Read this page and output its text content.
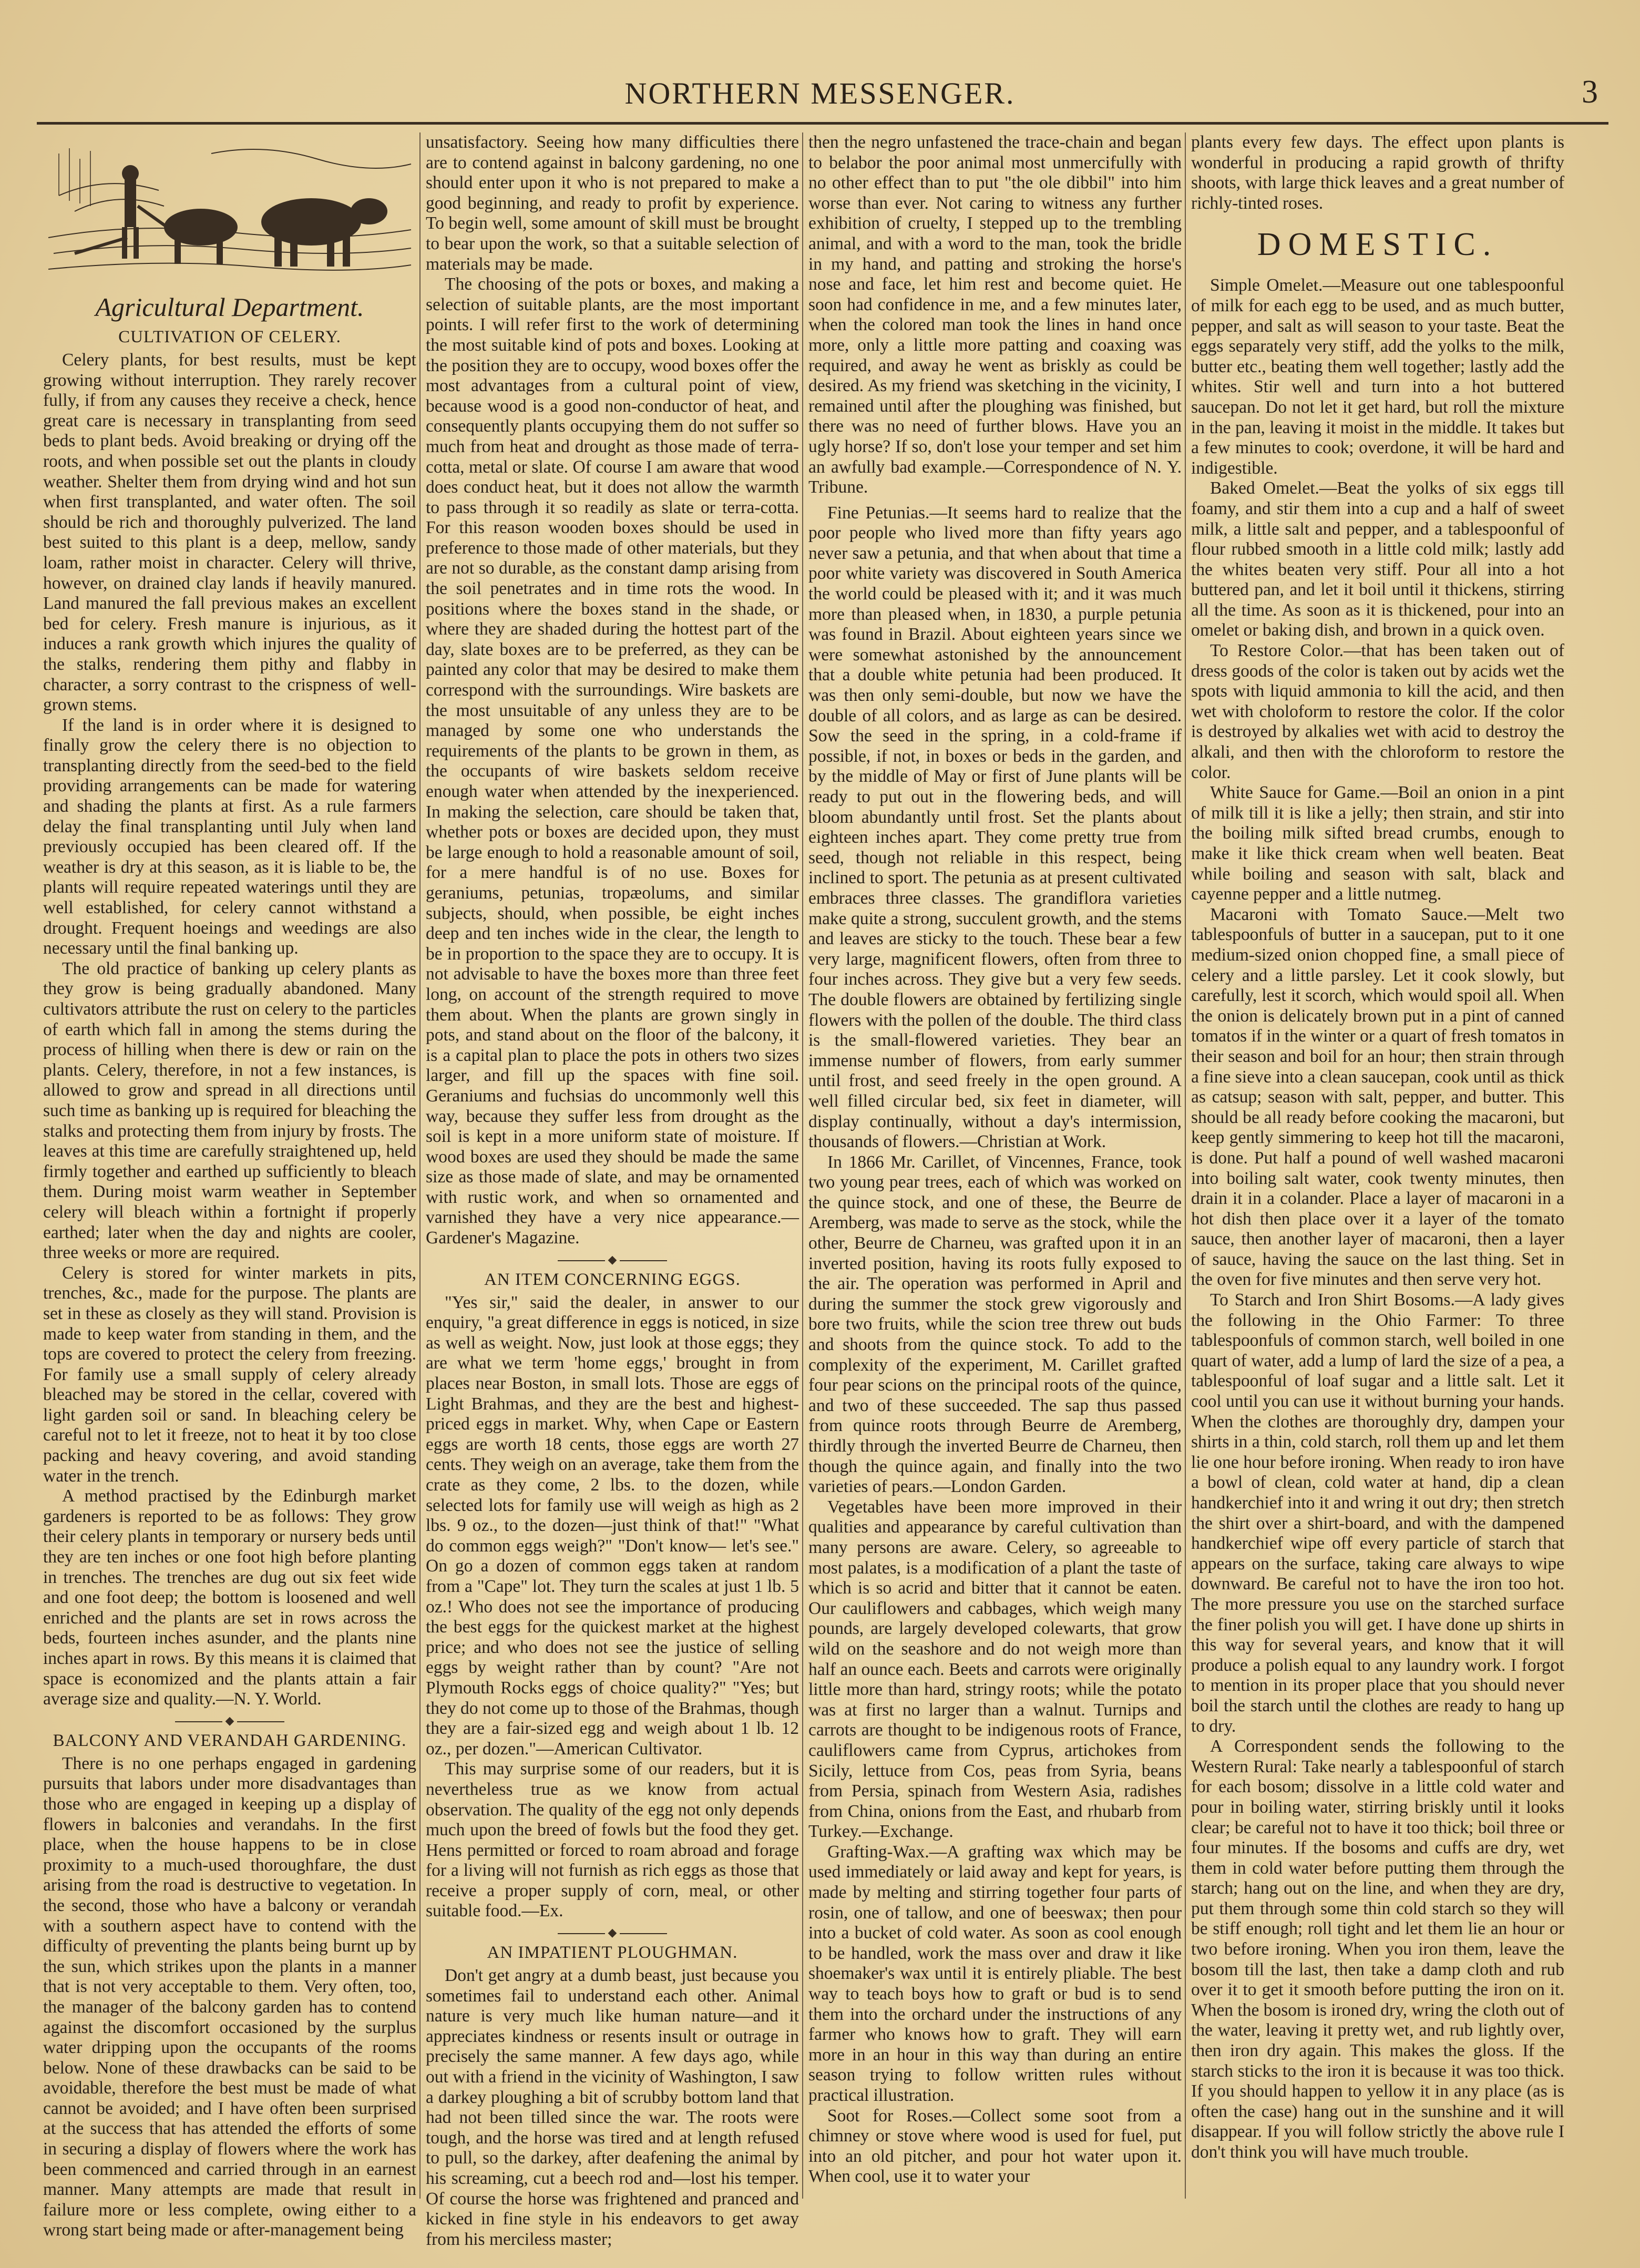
NORTHERN MESSENGER.	3
Agricultural Department.
CULTIVATION OF CELERY.

Celery plants, for best results, must be kept growing without interruption. They rarely recover fully, if from any causes they receive a check, hence great care is necessary in transplanting from seed beds to plant beds. Avoid breaking or drying off the roots, and when possible set out the plants in cloudy weather. Shelter them from drying wind and hot sun when first transplanted, and water often. The soil should be rich and thoroughly pulverized. The land best suited to this plant is a deep, mellow, sandy loam, rather moist in character. Celery will thrive, however, on drained clay lands if heavily manured. Land manured the fall previous makes an excellent bed for celery. Fresh manure is injurious, as it induces a rank growth which injures the quality of the stalks, rendering them pithy and flabby in character, a sorry contrast to the crispness of well-grown stems.

If the land is in order where it is designed to finally grow the celery there is no objection to transplanting directly from the seed-bed to the field providing arrangements can be made for watering and shading the plants at first. As a rule farmers delay the final transplanting until July when land previously occupied has been cleared off. If the weather is dry at this season, as it is liable to be, the plants will require repeated waterings until they are well established, for celery cannot withstand a drought. Frequent hoeings and weedings are also necessary until the final banking up.

The old practice of banking up celery plants as they grow is being gradually abandoned. Many cultivators attribute the rust on celery to the particles of earth which fall in among the stems during the process of hilling when there is dew or rain on the plants. Celery, therefore, in not a few instances, is allowed to grow and spread in all directions until such time as banking up is required for bleaching the stalks and protecting them from injury by frosts. The leaves at this time are carefully straightened up, held firmly together and earthed up sufficiently to bleach them. During moist warm weather in September celery will bleach within a fortnight if properly earthed; later when the day and nights are cooler, three weeks or more are required.

Celery is stored for winter markets in pits, trenches, &c., made for the purpose. The plants are set in these as closely as they will stand. Provision is made to keep water from standing in them, and the tops are covered to protect the celery from freezing. For family use a small supply of celery already bleached may be stored in the cellar, covered with light garden soil or sand. In bleaching celery be careful not to let it freeze, not to heat it by too close packing and heavy covering, and avoid standing water in the trench.

A method practised by the Edinburgh market gardeners is reported to be as follows: They grow their celery plants in temporary or nursery beds until they are ten inches or one foot high before planting in trenches. The trenches are dug out six feet wide and one foot deep; the bottom is loosened and well enriched and the plants are set in rows across the beds, fourteen inches asunder, and the plants nine inches apart in rows. By this means it is claimed that space is economized and the plants attain a fair average size and quality.—N. Y. World.

◆
BALCONY AND VERANDAH GARDENING.

There is no one perhaps engaged in gardening pursuits that labors under more disadvantages than those who are engaged in keeping up a display of flowers in balconies and verandahs. In the first place, when the house happens to be in close proximity to a much-used thoroughfare, the dust arising from the road is destructive to vegetation. In the second, those who have a balcony or verandah with a southern aspect have to contend with the difficulty of preventing the plants being burnt up by the sun, which strikes upon the plants in a manner that is not very acceptable to them. Very often, too, the manager of the balcony garden has to contend against the discomfort occasioned by the surplus water dripping upon the occupants of the rooms below. None of these drawbacks can be said to be avoidable, therefore the best must be made of what cannot be avoided; and I have often been surprised at the success that has attended the efforts of some in securing a display of flowers where the work has been commenced and carried through in an earnest manner. Many attempts are made that result in failure more or less complete, owing either to a wrong start being made or after-management being

unsatisfactory. Seeing how many difficulties there are to contend against in balcony gardening, no one should enter upon it who is not prepared to make a good beginning, and ready to profit by experience. To begin well, some amount of skill must be brought to bear upon the work, so that a suitable selection of materials may be made.

The choosing of the pots or boxes, and making a selection of suitable plants, are the most important points. I will refer first to the work of determining the most suitable kind of pots and boxes. Looking at the position they are to occupy, wood boxes offer the most advantages from a cultural point of view, because wood is a good non-conductor of heat, and consequently plants occupying them do not suffer so much from heat and drought as those made of terra-cotta, metal or slate. Of course I am aware that wood does conduct heat, but it does not allow the warmth to pass through it so readily as slate or terra-cotta. For this reason wooden boxes should be used in preference to those made of other materials, but they are not so durable, as the constant damp arising from the soil penetrates and in time rots the wood. In positions where the boxes stand in the shade, or where they are shaded during the hottest part of the day, slate boxes are to be preferred, as they can be painted any color that may be desired to make them correspond with the surroundings. Wire baskets are the most unsuitable of any unless they are to be managed by some one who understands the requirements of the plants to be grown in them, as the occupants of wire baskets seldom receive enough water when attended by the inexperienced. In making the selection, care should be taken that, whether pots or boxes are decided upon, they must be large enough to hold a reasonable amount of soil, for a mere handful is of no use. Boxes for geraniums, petunias, tropæolums, and similar subjects, should, when possible, be eight inches deep and ten inches wide in the clear, the length to be in proportion to the space they are to occupy. It is not advisable to have the boxes more than three feet long, on account of the strength required to move them about. When the plants are grown singly in pots, and stand about on the floor of the balcony, it is a capital plan to place the pots in others two sizes larger, and fill up the spaces with fine soil. Geraniums and fuchsias do uncommonly well this way, because they suffer less from drought as the soil is kept in a more uniform state of moisture. If wood boxes are used they should be made the same size as those made of slate, and may be ornamented with rustic work, and when so ornamented and varnished they have a very nice appearance.—Gardener's Magazine.

◆
AN ITEM CONCERNING EGGS.

"Yes sir," said the dealer, in answer to our enquiry, "a great difference in eggs is noticed, in size as well as weight. Now, just look at those eggs; they are what we term 'home eggs,' brought in from places near Boston, in small lots. Those are eggs of Light Brahmas, and they are the best and highest-priced eggs in market. Why, when Cape or Eastern eggs are worth 18 cents, those eggs are worth 27 cents. They weigh on an average, take them from the crate as they come, 2 lbs. to the dozen, while selected lots for family use will weigh as high as 2 lbs. 9 oz., to the dozen—just think of that!" "What do common eggs weigh?" "Don't know— let's see." On go a dozen of common eggs taken at random from a "Cape" lot. They turn the scales at just 1 lb. 5 oz.! Who does not see the importance of producing the best eggs for the quickest market at the highest price; and who does not see the justice of selling eggs by weight rather than by count? "Are not Plymouth Rocks eggs of choice quality?" "Yes; but they do not come up to those of the Brahmas, though they are a fair-sized egg and weigh about 1 lb. 12 oz., per dozen."—American Cultivator.

This may surprise some of our readers, but it is nevertheless true as we know from actual observation. The quality of the egg not only depends much upon the breed of fowls but the food they get. Hens permitted or forced to roam abroad and forage for a living will not furnish as rich eggs as those that receive a proper supply of corn, meal, or other suitable food.—Ex.

◆
AN IMPATIENT PLOUGHMAN.

Don't get angry at a dumb beast, just because you sometimes fail to understand each other. Animal nature is very much like human nature—and it appreciates kindness or resents insult or outrage in precisely the same manner. A few days ago, while out with a friend in the vicinity of Washington, I saw a darkey ploughing a bit of scrubby bottom land that had not been tilled since the war. The roots were tough, and the horse was tired and at length refused to pull, so the darkey, after deafening the animal by his screaming, cut a beech rod and—lost his temper. Of course the horse was frightened and pranced and kicked in fine style in his endeavors to get away from his merciless master;

then the negro unfastened the trace-chain and began to belabor the poor animal most unmercifully with no other effect than to put "the ole dibbil" into him worse than ever. Not caring to witness any further exhibition of cruelty, I stepped up to the trembling animal, and with a word to the man, took the bridle in my hand, and patting and stroking the horse's nose and face, let him rest and become quiet. He soon had confidence in me, and a few minutes later, when the colored man took the lines in hand once more, only a little more patting and coaxing was required, and away he went as briskly as could be desired. As my friend was sketching in the vicinity, I remained until after the ploughing was finished, but there was no need of further blows. Have you an ugly horse? If so, don't lose your temper and set him an awfully bad example.—Correspondence of N. Y. Tribune.

Fine Petunias.—It seems hard to realize that the poor people who lived more than fifty years ago never saw a petunia, and that when about that time a poor white variety was discovered in South America the world could be pleased with it; and it was much more than pleased when, in 1830, a purple petunia was found in Brazil. About eighteen years since we were somewhat astonished by the announcement that a double white petunia had been produced. It was then only semi-double, but now we have the double of all colors, and as large as can be desired. Sow the seed in the spring, in a cold-frame if possible, if not, in boxes or beds in the garden, and by the middle of May or first of June plants will be ready to put out in the flowering beds, and will bloom abundantly until frost. Set the plants about eighteen inches apart. They come pretty true from seed, though not reliable in this respect, being inclined to sport. The petunia as at present cultivated embraces three classes. The grandiflora varieties make quite a strong, succulent growth, and the stems and leaves are sticky to the touch. These bear a few very large, magnificent flowers, often from three to four inches across. They give but a very few seeds. The double flowers are obtained by fertilizing single flowers with the pollen of the double. The third class is the small-flowered varieties. They bear an immense number of flowers, from early summer until frost, and seed freely in the open ground. A well filled circular bed, six feet in diameter, will display continually, without a day's intermission, thousands of flowers.—Christian at Work.

In 1866 Mr. Carillet, of Vincennes, France, took two young pear trees, each of which was worked on the quince stock, and one of these, the Beurre de Aremberg, was made to serve as the stock, while the other, Beurre de Charneu, was grafted upon it in an inverted position, having its roots fully exposed to the air. The operation was performed in April and during the summer the stock grew vigorously and bore two fruits, while the scion tree threw out buds and shoots from the quince stock. To add to the complexity of the experiment, M. Carillet grafted four pear scions on the principal roots of the quince, and two of these succeeded. The sap thus passed from quince roots through Beurre de Aremberg, thirdly through the inverted Beurre de Charneu, then though the quince again, and finally into the two varieties of pears.—London Garden.

Vegetables have been more improved in their qualities and appearance by careful cultivation than many persons are aware. Celery, so agreeable to most palates, is a modification of a plant the taste of which is so acrid and bitter that it cannot be eaten. Our cauliflowers and cabbages, which weigh many pounds, are largely developed colewarts, that grow wild on the seashore and do not weigh more than half an ounce each. Beets and carrots were originally little more than hard, stringy roots; while the potato was at first no larger than a walnut. Turnips and carrots are thought to be indigenous roots of France, cauliflowers came from Cyprus, artichokes from Sicily, lettuce from Cos, peas from Syria, beans from Persia, spinach from Western Asia, radishes from China, onions from the East, and rhubarb from Turkey.—Exchange.

Grafting-Wax.—A grafting wax which may be used immediately or laid away and kept for years, is made by melting and stirring together four parts of rosin, one of tallow, and one of beeswax; then pour into a bucket of cold water. As soon as cool enough to be handled, work the mass over and draw it like shoemaker's wax until it is entirely pliable. The best way to teach boys how to graft or bud is to send them into the orchard under the instructions of any farmer who knows how to graft. They will earn more in an hour in this way than during an entire season trying to follow written rules without practical illustration.

Soot for Roses.—Collect some soot from a chimney or stove where wood is used for fuel, put into an old pitcher, and pour hot water upon it. When cool, use it to water your

plants every few days. The effect upon plants is wonderful in producing a rapid growth of thrifty shoots, with large thick leaves and a great number of richly-tinted roses.

DOMESTIC.

Simple Omelet.—Measure out one tablespoonful of milk for each egg to be used, and as much butter, pepper, and salt as will season to your taste. Beat the eggs separately very stiff, add the yolks to the milk, butter etc., beating them well together; lastly add the whites. Stir well and turn into a hot buttered saucepan. Do not let it get hard, but roll the mixture in the pan, leaving it moist in the middle. It takes but a few minutes to cook; overdone, it will be hard and indigestible.

Baked Omelet.—Beat the yolks of six eggs till foamy, and stir them into a cup and a half of sweet milk, a little salt and pepper, and a tablespoonful of flour rubbed smooth in a little cold milk; lastly add the whites beaten very stiff. Pour all into a hot buttered pan, and let it boil until it thickens, stirring all the time. As soon as it is thickened, pour into an omelet or baking dish, and brown in a quick oven.

To Restore Color.—that has been taken out of dress goods of the color is taken out by acids wet the spots with liquid ammonia to kill the acid, and then wet with choloform to restore the color. If the color is destroyed by alkalies wet with acid to destroy the alkali, and then with the chloroform to restore the color.

White Sauce for Game.—Boil an onion in a pint of milk till it is like a jelly; then strain, and stir into the boiling milk sifted bread crumbs, enough to make it like thick cream when well beaten. Beat while boiling and season with salt, black and cayenne pepper and a little nutmeg.

Macaroni with Tomato Sauce.—Melt two tablespoonfuls of butter in a saucepan, put to it one medium-sized onion chopped fine, a small piece of celery and a little parsley. Let it cook slowly, but carefully, lest it scorch, which would spoil all. When the onion is delicately brown put in a pint of canned tomatos if in the winter or a quart of fresh tomatos in their season and boil for an hour; then strain through a fine sieve into a clean saucepan, cook until as thick as catsup; season with salt, pepper, and butter. This should be all ready before cooking the macaroni, but keep gently simmering to keep hot till the macaroni, is done. Put half a pound of well washed macaroni into boiling salt water, cook twenty minutes, then drain it in a colander. Place a layer of macaroni in a hot dish then place over it a layer of the tomato sauce, then another layer of macaroni, then a layer of sauce, having the sauce on the last thing. Set in the oven for five minutes and then serve very hot.

To Starch and Iron Shirt Bosoms.—A lady gives the following in the Ohio Farmer: To three tablespoonfuls of common starch, well boiled in one quart of water, add a lump of lard the size of a pea, a tablespoonful of loaf sugar and a little salt. Let it cool until you can use it without burning your hands. When the clothes are thoroughly dry, dampen your shirts in a thin, cold starch, roll them up and let them lie one hour before ironing. When ready to iron have a bowl of clean, cold water at hand, dip a clean handkerchief into it and wring it out dry; then stretch the shirt over a shirt-board, and with the dampened handkerchief wipe off every particle of starch that appears on the surface, taking care always to wipe downward. Be careful not to have the iron too hot. The more pressure you use on the starched surface the finer polish you will get. I have done up shirts in this way for several years, and know that it will produce a polish equal to any laundry work. I forgot to mention in its proper place that you should never boil the starch until the clothes are ready to hang up to dry.

A Correspondent sends the following to the Western Rural: Take nearly a tablespoonful of starch for each bosom; dissolve in a little cold water and pour in boiling water, stirring briskly until it looks clear; be careful not to have it too thick; boil three or four minutes. If the bosoms and cuffs are dry, wet them in cold water before putting them through the starch; hang out on the line, and when they are dry, put them through some thin cold starch so they will be stiff enough; roll tight and let them lie an hour or two before ironing. When you iron them, leave the bosom till the last, then take a damp cloth and rub over it to get it smooth before putting the iron on it. When the bosom is ironed dry, wring the cloth out of the water, leaving it pretty wet, and rub lightly over, then iron dry again. This makes the gloss. If the starch sticks to the iron it is because it was too thick. If you should happen to yellow it in any place (as is often the case) hang out in the sunshine and it will disappear. If you will follow strictly the above rule I don't think you will have much trouble.
